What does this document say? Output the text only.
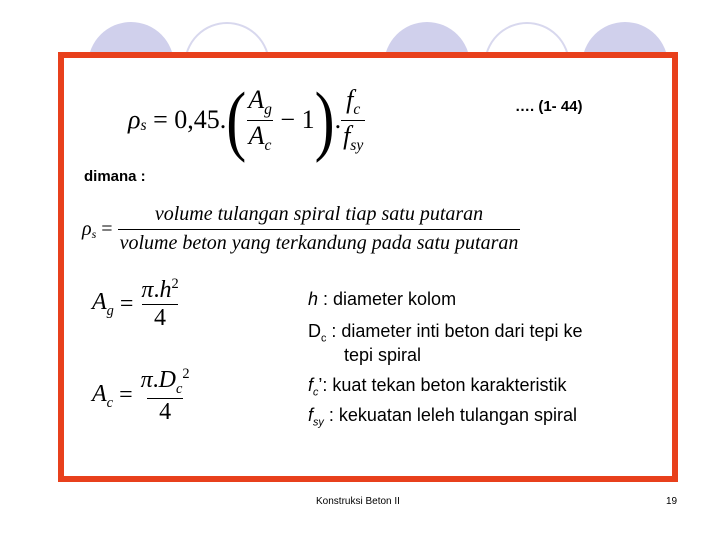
$\rho_s = 0,45$. ( $\frac{A_g}{A_c} - 1$ ) . $\frac{f_c}{f_{sy}}$	…. (1- 44)
dimana :
$\rho_s = \frac{\text{volume tulangan spiral tiap satu putaran}}{\text{volume beton yang terkandung pada satu putaran}}$
$A_g = \frac{\pi.h^2}{4}$
$A_c = \frac{\pi.D_c^2}{4}$
h : diameter kolom
$D_c$ : diameter inti beton dari tepi ke
tepi spiral
$f_c$’: kuat tekan beton karakteristik
$f_{sy}$ : kekuatan leleh tulangan spiral
Konstruksi Beton II	19
